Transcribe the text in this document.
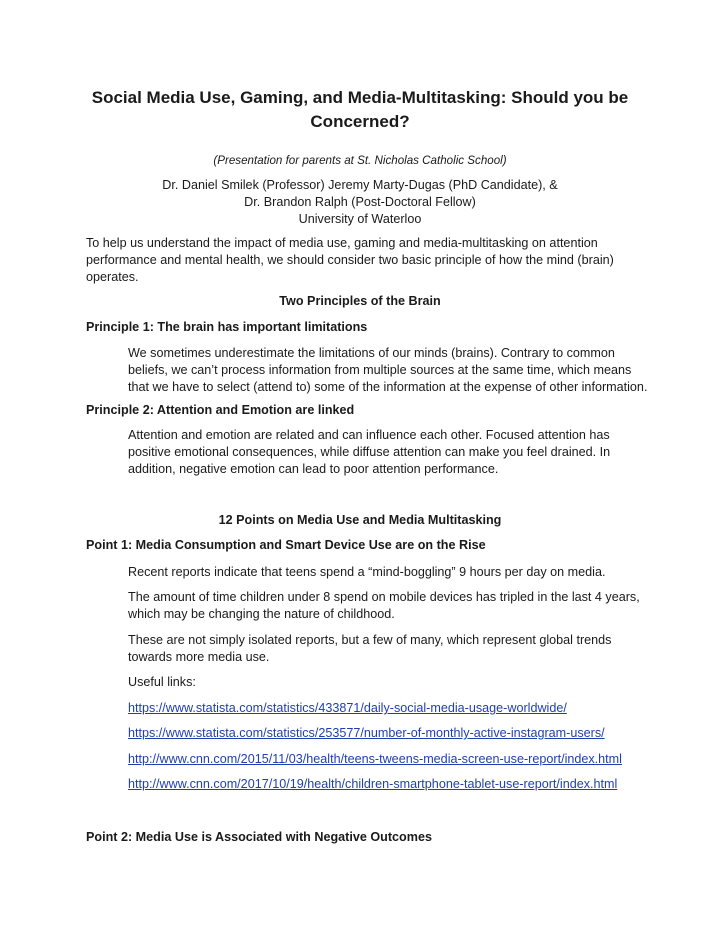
Social Media Use, Gaming, and Media-Multitasking: Should you be Concerned?
(Presentation for parents at St. Nicholas Catholic School)
Dr. Daniel Smilek (Professor) Jeremy Marty-Dugas (PhD Candidate), &
Dr. Brandon Ralph (Post-Doctoral Fellow)
University of Waterloo
To help us understand the impact of media use, gaming and media-multitasking on attention performance and mental health, we should consider two basic principle of how the mind (brain) operates.
Two Principles of the Brain
Principle 1: The brain has important limitations
We sometimes underestimate the limitations of our minds (brains). Contrary to common beliefs, we can’t process information from multiple sources at the same time, which means that we have to select (attend to) some of the information at the expense of other information.
Principle 2: Attention and Emotion are linked
Attention and emotion are related and can influence each other. Focused attention has positive emotional consequences, while diffuse attention can make you feel drained. In addition, negative emotion can lead to poor attention performance.
12 Points on Media Use and Media Multitasking
Point 1: Media Consumption and Smart Device Use are on the Rise
Recent reports indicate that teens spend a “mind-boggling” 9 hours per day on media.
The amount of time children under 8 spend on mobile devices has tripled in the last 4 years, which may be changing the nature of childhood.
These are not simply isolated reports, but a few of many, which represent global trends towards more media use.
Useful links:
https://www.statista.com/statistics/433871/daily-social-media-usage-worldwide/
https://www.statista.com/statistics/253577/number-of-monthly-active-instagram-users/
http://www.cnn.com/2015/11/03/health/teens-tweens-media-screen-use-report/index.html
http://www.cnn.com/2017/10/19/health/children-smartphone-tablet-use-report/index.html
Point 2: Media Use is Associated with Negative Outcomes
